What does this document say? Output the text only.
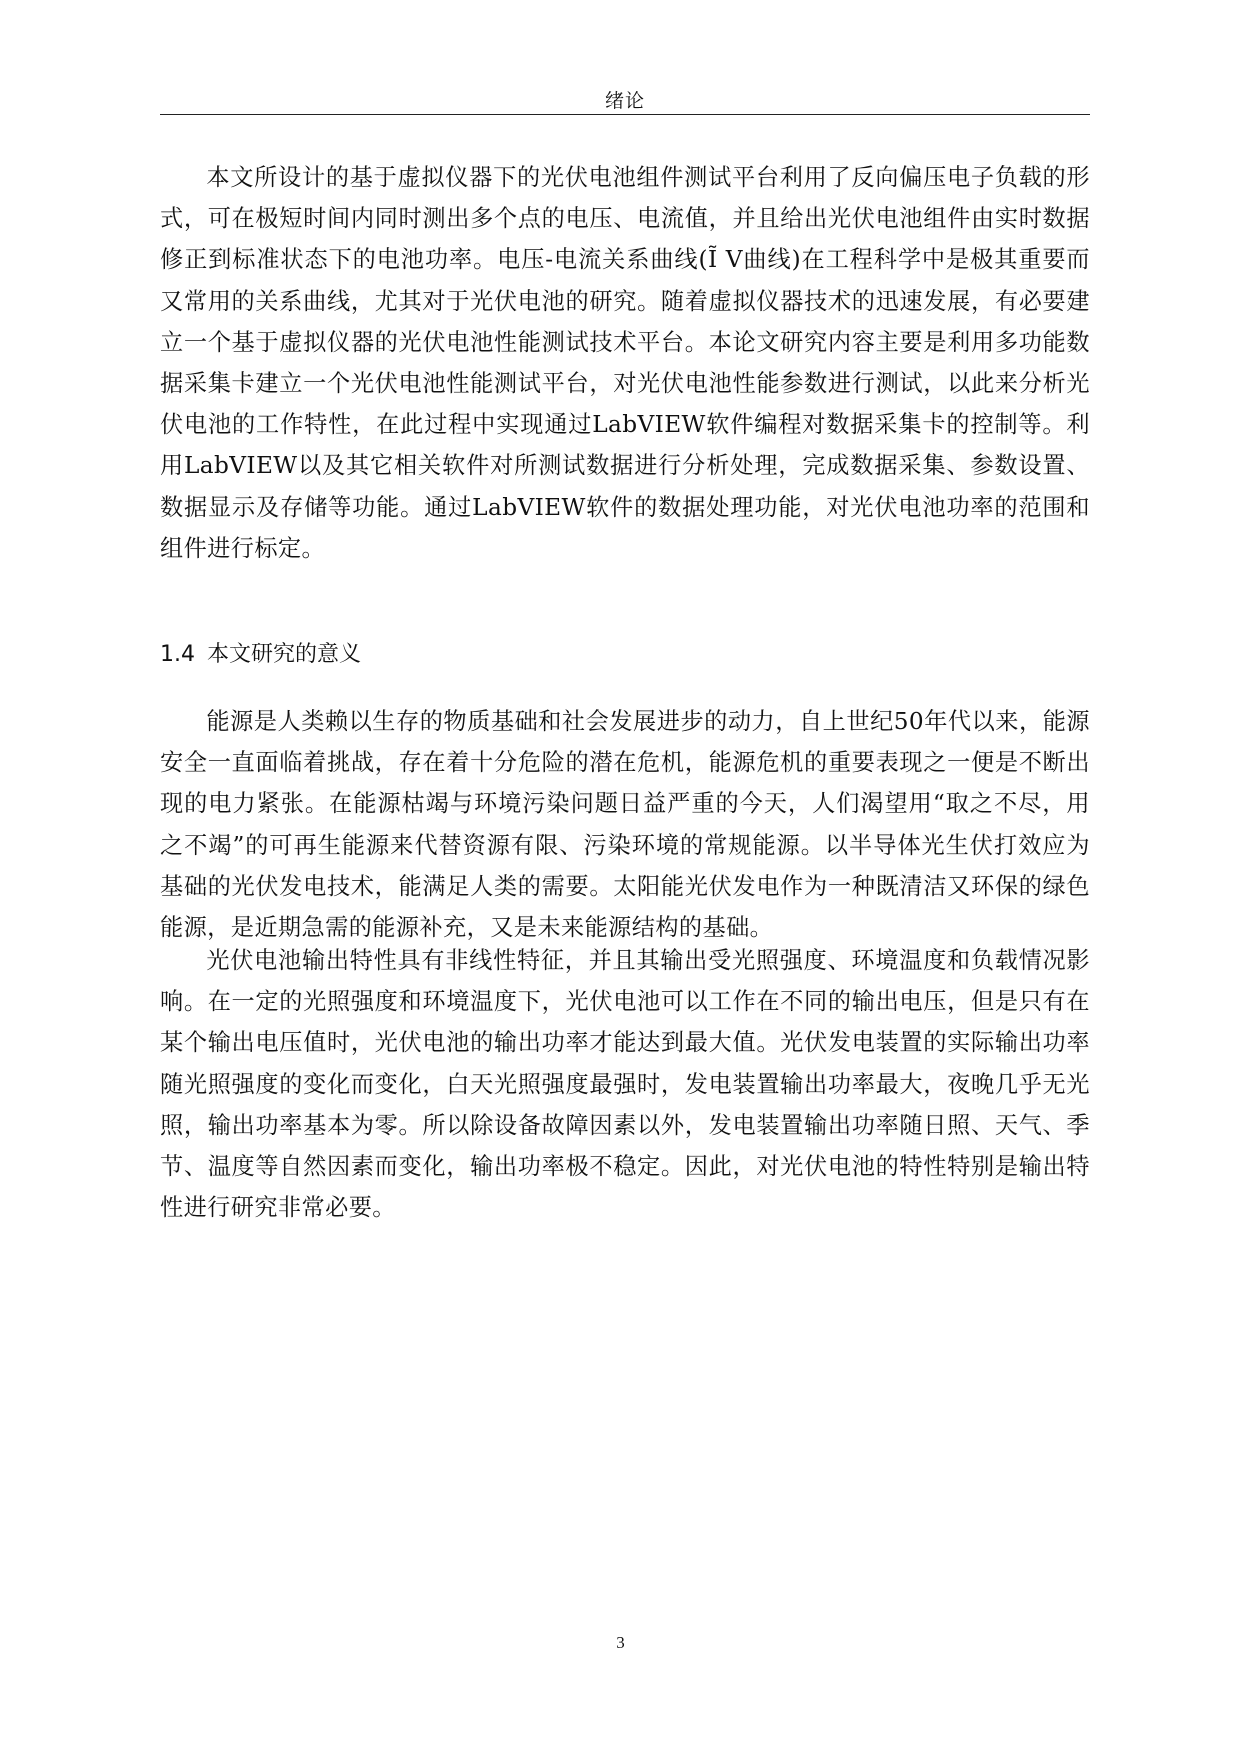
绪论

本文所设计的基于虚拟仪器下的光伏电池组件测试平台利用了反向偏压电子负载的形式，可在极短时间内同时测出多个点的电压、电流值，并且给出光伏电池组件由实时数据修正到标准状态下的电池功率。电压-电流关系曲线(Ĩ V曲线)在工程科学中是极其重要而又常用的关系曲线，尤其对于光伏电池的研究。随着虚拟仪器技术的迅速发展，有必要建立一个基于虚拟仪器的光伏电池性能测试技术平台。本论文研究内容主要是利用多功能数据采集卡建立一个光伏电池性能测试平台，对光伏电池性能参数进行测试，以此来分析光伏电池的工作特性，在此过程中实现通过LabVIEW软件编程对数据采集卡的控制等。利用LabVIEW以及其它相关软件对所测试数据进行分析处理，完成数据采集、参数设置、数据显示及存储等功能。通过LabVIEW软件的数据处理功能，对光伏电池功率的范围和组件进行标定。

1.4 本文研究的意义

能源是人类赖以生存的物质基础和社会发展进步的动力，自上世纪50年代以来，能源安全一直面临着挑战，存在着十分危险的潜在危机，能源危机的重要表现之一便是不断出现的电力紧张。在能源枯竭与环境污染问题日益严重的今天，人们渴望用“取之不尽，用之不竭”的可再生能源来代替资源有限、污染环境的常规能源。以半导体光生伏打效应为基础的光伏发电技术，能满足人类的需要。太阳能光伏发电作为一种既清洁又环保的绿色能源，是近期急需的能源补充，又是未来能源结构的基础。

光伏电池输出特性具有非线性特征，并且其输出受光照强度、环境温度和负载情况影响。在一定的光照强度和环境温度下，光伏电池可以工作在不同的输出电压，但是只有在某个输出电压值时，光伏电池的输出功率才能达到最大值。光伏发电装置的实际输出功率随光照强度的变化而变化，白天光照强度最强时，发电装置输出功率最大，夜晚几乎无光照，输出功率基本为零。所以除设备故障因素以外，发电装置输出功率随日照、天气、季节、温度等自然因素而变化，输出功率极不稳定。因此，对光伏电池的特性特别是输出特性进行研究非常必要。

3
